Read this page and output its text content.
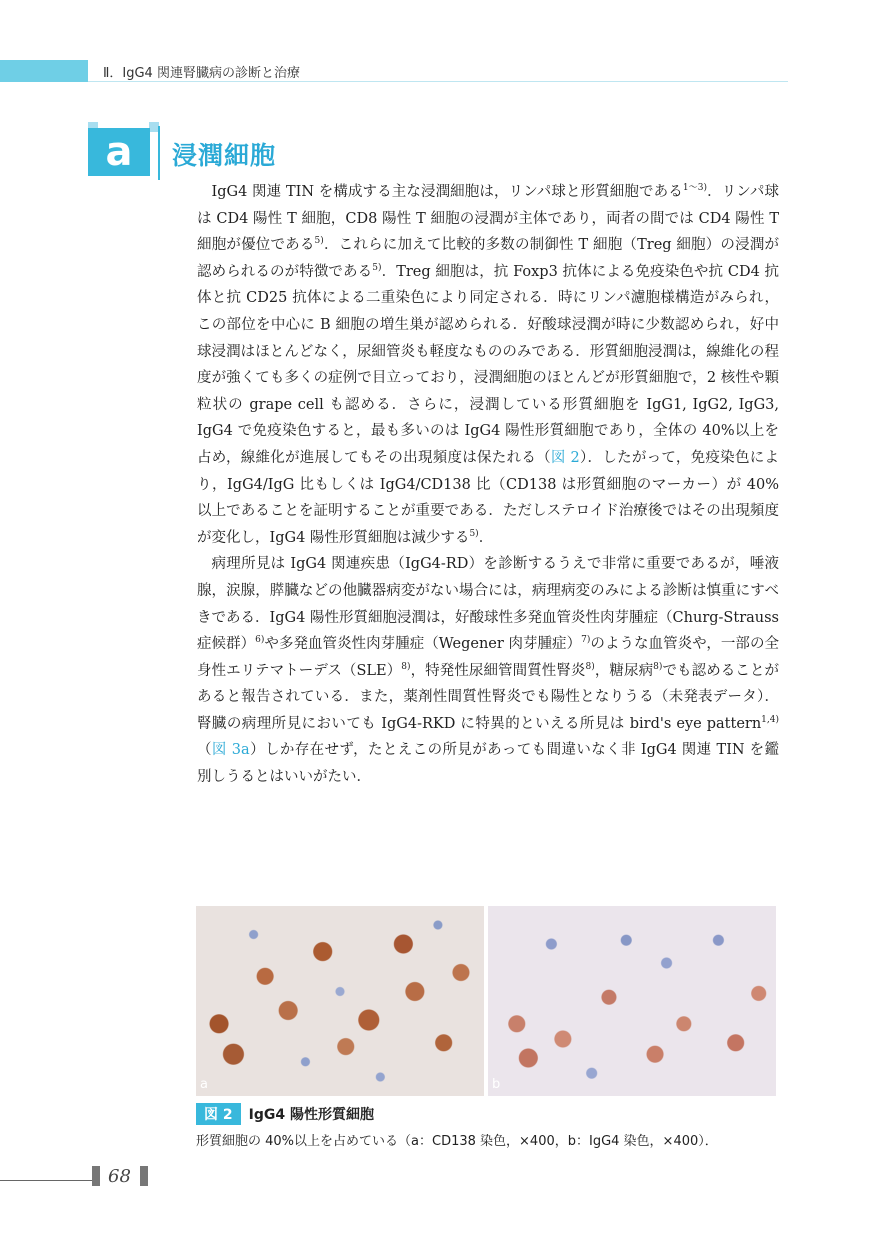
Ⅱ．IgG4 関連腎臓病の診断と治療
a	浸潤細胞

IgG4 関連 TIN を構成する主な浸潤細胞は，リンパ球と形質細胞である$^{1〜3)}$．リンパ球は CD4 陽性 T 細胞，CD8 陽性 T 細胞の浸潤が主体であり，両者の間では CD4 陽性 T 細胞が優位である$^{5)}$．これらに加えて比較的多数の制御性 T 細胞（Treg 細胞）の浸潤が認められるのが特徴である$^{5)}$．Treg 細胞は，抗 Foxp3 抗体による免疫染色や抗 CD4 抗体と抗 CD25 抗体による二重染色により同定される．時にリンパ濾胞様構造がみられ，この部位を中心に B 細胞の増生巣が認められる．好酸球浸潤が時に少数認められ，好中球浸潤はほとんどなく，尿細管炎も軽度なもののみである．形質細胞浸潤は，線維化の程度が強くても多くの症例で目立っており，浸潤細胞のほとんどが形質細胞で，2 核性や顆粒状の grape cell も認める．さらに，浸潤している形質細胞を IgG1, IgG2, IgG3, IgG4 で免疫染色すると，最も多いのは IgG4 陽性形質細胞であり，全体の 40%以上を占め，線維化が進展してもその出現頻度は保たれる（図 2）．したがって，免疫染色により，IgG4/IgG 比もしくは IgG4/CD138 比（CD138 は形質細胞のマーカー）が 40%以上であることを証明することが重要である．ただしステロイド治療後ではその出現頻度が変化し，IgG4 陽性形質細胞は減少する$^{5)}$．

病理所見は IgG4 関連疾患（IgG4-RD）を診断するうえで非常に重要であるが，唾液腺，涙腺，膵臓などの他臓器病変がない場合には，病理病変のみによる診断は慎重にすべきである．IgG4 陽性形質細胞浸潤は，好酸球性多発血管炎性肉芽腫症（Churg-Strauss 症候群）$^{6)}$や多発血管炎性肉芽腫症（Wegener 肉芽腫症）$^{7)}$のような血管炎や，一部の全身性エリテマトーデス（SLE）$^{8)}$，特発性尿細管間質性腎炎$^{8)}$，糖尿病$^{8)}$でも認めることがあると報告されている．また，薬剤性間質性腎炎でも陽性となりうる（未発表データ）．腎臓の病理所見においても IgG4-RKD に特異的といえる所見は bird's eye pattern$^{1,4)}$（図 3a）しか存在せず，たとえこの所見があっても間違いなく非 IgG4 関連 TIN を鑑別しうるとはいいがたい．

a	b
図 2 IgG4 陽性形質細胞
形質細胞の 40%以上を占めている（a：CD138 染色，×400，b：IgG4 染色，×400）．
68
